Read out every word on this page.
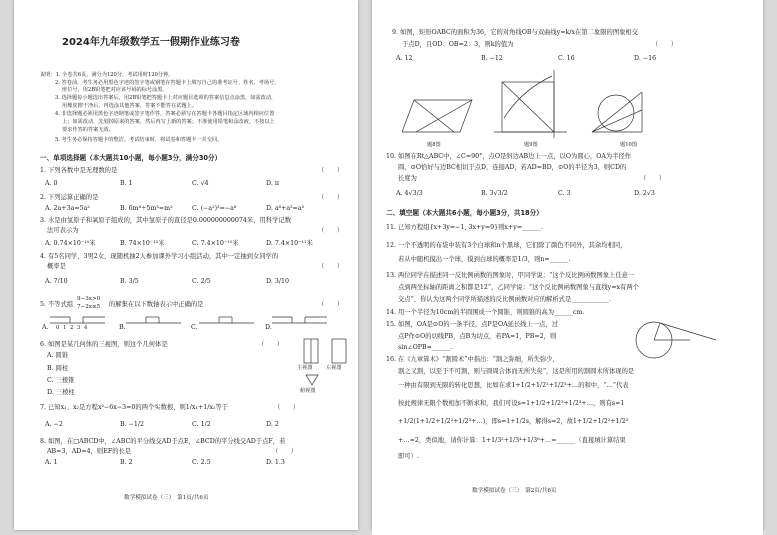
2024年九年级数学五一假期作业练习卷
说明：1. 全卷共6页，满分为120分，考试用时120分钟。
2. 答卷前，考生务必用黑色字迹的签字笔或钢笔在答题卡上填写自己的准考证号、姓名、考场号、
座位号，用2B铅笔把对应该号码的标号涂黑。
3. 选择题每小题选出答案后，用2B铅笔把答题卡上对应题目选项的答案信息点涂黑，如需改动，
用橡皮擦干净后，再选涂其他答案，答案不能答在试题上。
4. 非选择题必须用黑色字迹钢笔或签字笔作答，答案必须写在答题卡各题目指定区域内相应位置
上；如需改动，先划掉原来的答案，然后再写上新的答案；不准使用铅笔和涂改液。不按以上
要求作答的答案无效。
5. 考生务必保持答题卡的整洁。考试结束时，将试卷和答题卡一并交回。
一、单项选择题（本大题共10小题，每小题3分，满分30分）
1. 下列各数中是无理数的是	（　　）
A. 0	B. 1	C. √4	D. π
2. 下列运算正确的是	（　　）
A. 2a+3a=5a²	B. 6m⁶÷5m³=m²	C. (−a²)³=−a⁶	D. a⁶+a³=a²
3. 水是由氢原子和氧原子组成的，其中氢原子的直径是0.000000000074米，用科学记数
法可表示为	（　　）
A. 0.74×10⁻¹⁰米	B. 74×10⁻¹²米	C. 7.4×10⁻¹⁰米	D. 7.4×10⁻¹¹米
4. 有5名同学，3男2女，现随机抽2人参加课外学习小组活动，其中一定抽到女同学的
概率是	（　　）
A. 7/10	B. 3/5	C. 2/5	D. 3/10
5. 不等式组
9−3x>0
7−2x≤5 的解集在以下数轴表示中正确的是	（　　）
A.	B.	C.	D.
0 1 2 3 4
6. 如图是某几何体的三视图，则这个几何体是	（　　）
A. 圆锥
B. 圆柱
C. 三棱锥
D. 三棱柱
主视图	左视图
俯视图
7. 已知x₁、x₂是方程x²−6x−3=0的两个实数根，则1/x₁+1/x₂等于	（　　）
A. −2	B. −1/2	C. 1/2	D. 2
8. 如图，在□ABCD中，∠ABC的平分线交AD于点E，∠BCD的平分线交AD于点F，若
AB=3，AD=4，则EF的长是	（　　）
A. 1	B. 2	C. 2.5	D. 1.3
数学模拟试卷（三）　第1页/共6页
9. 如图，矩形OABC的面积为36，它的对角线OB与双曲线y=k/x在第二象限的图象相交
于点D，且OD：OB=2：3，则k的值为	（　　）
A. 12	B. −12	C. 16	D. −16
题8图	题9图	题10图
10. 如图在Rt△ABC中，∠C=90°，点O是斜边AB边上一点，以O为圆心，OA为半径作
圆，⊙O恰好与边BC相切于点D，连接AD，若AD=BD，⊙O的半径为3，则CD的
长度为	（　　）
A. 4√3/3	B. 3√3/2	C. 3	D. 2√3
二、填空题（本大题共6小题，每小题3分，共18分）
11. 已知方程组{x+3y=−1, 3x+y=9}则x+y=______.
12. 一个不透明的布袋中装有3个白球和n个黑球，它们除了颜色不同外，其余均相同，
若从中随机摸出一个球，摸到白球的概率是1/3，则n=______.
13. 两位同学在描述同一反比例函数的图象时，甲同学说：“这个反比例函数图象上任意一
点到两坐标轴的距离之积都是12”，乙同学说：“这个反比例函数图象与直线y=x有两个
交点”，你认为这两个同学所描述的反比例函数对应的解析式是____________.
14. 用一个半径为10cm的半圆围成一个圆锥，则圆锥的高为______cm.
15. 如图，OA是⊙O的一条半径，点P是OA延长线上一点，过
点P作⊙O的切线PB，点B为切点，若PA=1，PB=2，则
sin∠OPB=______.
16. 在《九章算术》“割圆术”中指出：“割之弥细，所失弥少，
割之又割，以至于不可割，则与圆周合体而无所失矣”，这是所用的割圆术所体现的是
一种由有限到无限的转化思想，比如在求1+1/2+1/2²+1/2³+…的和中，“…”代表
按此规律无限个数相加不断求和，我们可设s=1+1/2+1/2²+1/2³+…，则有s=1
+1/2(1+1/2+1/2²+1/2³+…)，即s=1+1/2s，解得s=2，故1+1/2+1/2²+1/2³
+…=2，类似地，请你计算：1+1/3²+1/3⁴+1/3⁶+…=______（直接填计算结果
即可）.
数学模拟试卷（三）　第2页/共6页
